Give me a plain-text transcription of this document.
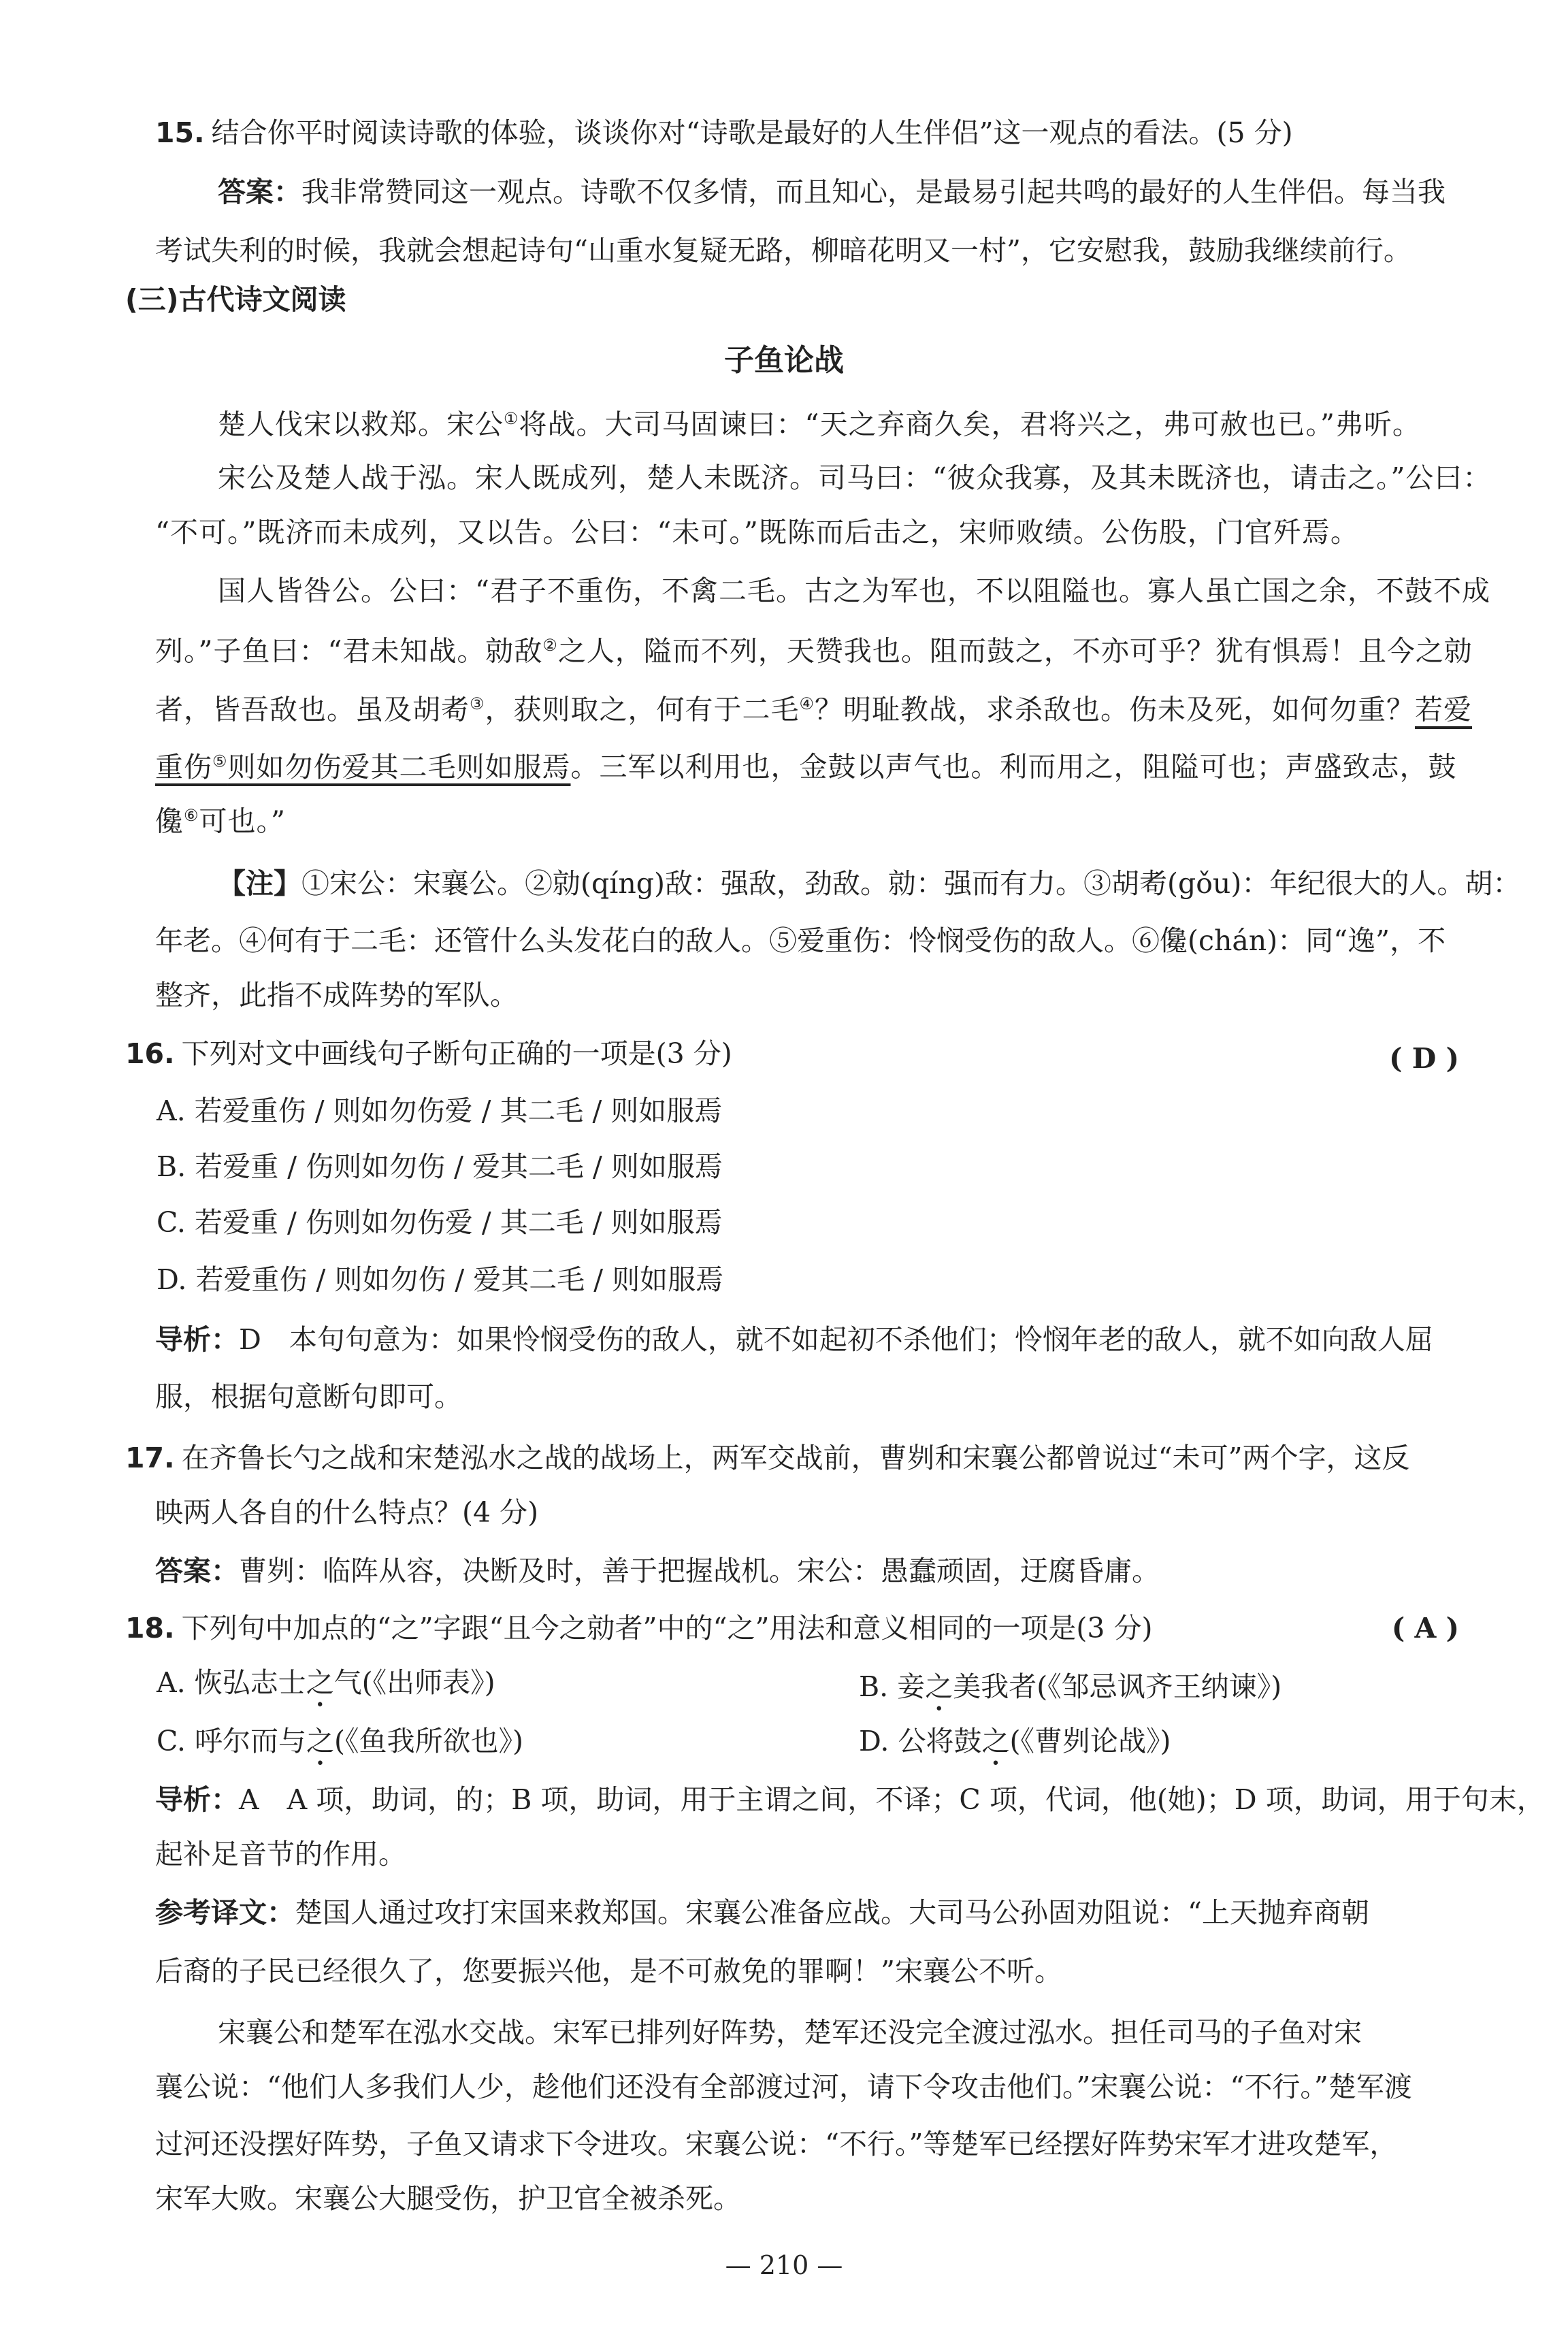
15. 结合你平时阅读诗歌的体验，谈谈你对“诗歌是最好的人生伴侣”这一观点的看法。(5 分)
答案：我非常赞同这一观点。诗歌不仅多情，而且知心，是最易引起共鸣的最好的人生伴侣。每当我
考试失利的时候，我就会想起诗句“山重水复疑无路，柳暗花明又一村”，它安慰我，鼓励我继续前行。
(三)古代诗文阅读
子鱼论战
楚人伐宋以救郑。宋公①将战。大司马固谏曰：“天之弃商久矣，君将兴之，弗可赦也已。”弗听。
宋公及楚人战于泓。宋人既成列，楚人未既济。司马曰：“彼众我寡，及其未既济也，请击之。”公曰：
“不可。”既济而未成列，又以告。公曰：“未可。”既陈而后击之，宋师败绩。公伤股，门官歼焉。
国人皆咎公。公曰：“君子不重伤，不禽二毛。古之为军也，不以阻隘也。寡人虽亡国之余，不鼓不成
列。”子鱼曰：“君未知战。勍敌②之人，隘而不列，天赞我也。阻而鼓之，不亦可乎？犹有惧焉！且今之勍
者，皆吾敌也。虽及胡耇③，获则取之，何有于二毛④？明耻教战，求杀敌也。伤未及死，如何勿重？若爱
重伤⑤则如勿伤爱其二毛则如服焉。三军以利用也，金鼓以声气也。利而用之，阻隘可也；声盛致志，鼓
儳⑥可也。”
【注】①宋公：宋襄公。②勍(qíng)敌：强敌，劲敌。勍：强而有力。③胡耇(gǒu)：年纪很大的人。胡：
年老。④何有于二毛：还管什么头发花白的敌人。⑤爱重伤：怜悯受伤的敌人。⑥儳(chán)：同“逸”，不
整齐，此指不成阵势的军队。
16. 下列对文中画线句子断句正确的一项是(3 分)	( D )
A. 若爱重伤 / 则如勿伤爱 / 其二毛 / 则如服焉
B. 若爱重 / 伤则如勿伤 / 爱其二毛 / 则如服焉
C. 若爱重 / 伤则如勿伤爱 / 其二毛 / 则如服焉
D. 若爱重伤 / 则如勿伤 / 爱其二毛 / 则如服焉
导析：D　本句句意为：如果怜悯受伤的敌人，就不如起初不杀他们；怜悯年老的敌人，就不如向敌人屈
服，根据句意断句即可。
17. 在齐鲁长勺之战和宋楚泓水之战的战场上，两军交战前，曹刿和宋襄公都曾说过“未可”两个字，这反
映两人各自的什么特点？(4 分)
答案：曹刿：临阵从容，决断及时，善于把握战机。宋公：愚蠢顽固，迂腐昏庸。
18. 下列句中加点的“之”字跟“且今之勍者”中的“之”用法和意义相同的一项是(3 分)	( A )
A. 恢弘志士之气(《出师表》)	B. 妾之美我者(《邹忌讽齐王纳谏》)
C. 呼尔而与之(《鱼我所欲也》)	D. 公将鼓之(《曹刿论战》)
导析：A　A 项，助词，的；B 项，助词，用于主谓之间，不译；C 项，代词，他(她)；D 项，助词，用于句末，
起补足音节的作用。
参考译文：楚国人通过攻打宋国来救郑国。宋襄公准备应战。大司马公孙固劝阻说：“上天抛弃商朝
后裔的子民已经很久了，您要振兴他，是不可赦免的罪啊！”宋襄公不听。
宋襄公和楚军在泓水交战。宋军已排列好阵势，楚军还没完全渡过泓水。担任司马的子鱼对宋
襄公说：“他们人多我们人少，趁他们还没有全部渡过河，请下令攻击他们。”宋襄公说：“不行。”楚军渡
过河还没摆好阵势，子鱼又请求下令进攻。宋襄公说：“不行。”等楚军已经摆好阵势宋军才进攻楚军，
宋军大败。宋襄公大腿受伤，护卫官全被杀死。
— 210 —
